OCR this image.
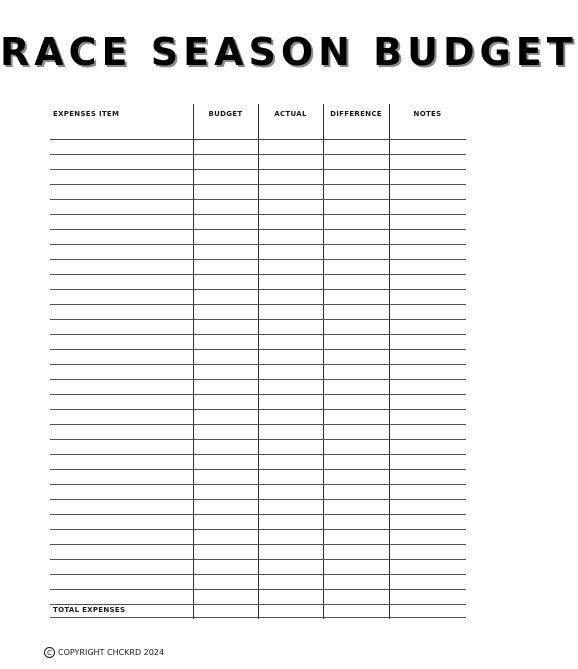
RACE SEASON BUDGET
EXPENSES ITEM	BUDGET	ACTUAL	DIFFERENCE	NOTES
TOTAL EXPENSES
C COPYRIGHT CHCKRD 2024
